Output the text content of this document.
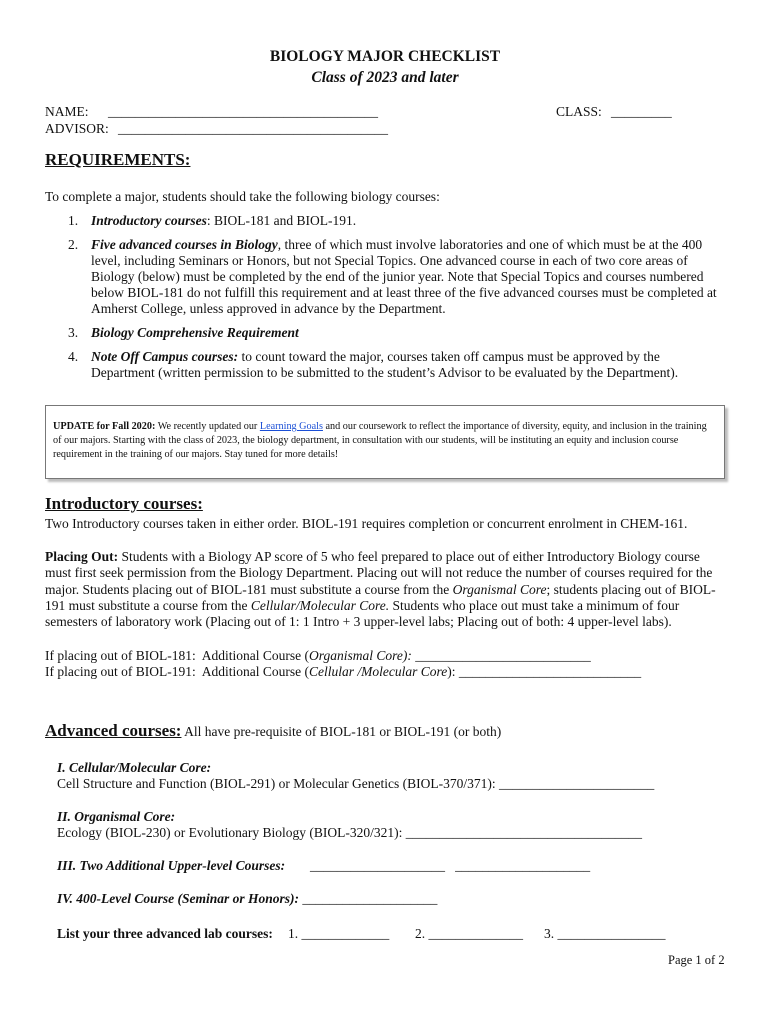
BIOLOGY MAJOR CHECKLIST
Class of 2023 and later
NAME: ________________________________________	CLASS: _________
ADVISOR: ________________________________________
REQUIREMENTS:
To complete a major, students should take the following biology courses:
1. Introductory courses: BIOL-181 and BIOL-191.
2. Five advanced courses in Biology, three of which must involve laboratories and one of which must be at the 400 level, including Seminars or Honors, but not Special Topics. One advanced course in each of two core areas of Biology (below) must be completed by the end of the junior year. Note that Special Topics and courses numbered below BIOL-181 do not fulfill this requirement and at least three of the five advanced courses must be completed at Amherst College, unless approved in advance by the Department.
3. Biology Comprehensive Requirement
4. Note Off Campus courses: to count toward the major, courses taken off campus must be approved by the Department (written permission to be submitted to the student’s Advisor to be evaluated by the Department).
UPDATE for Fall 2020: We recently updated our Learning Goals and our coursework to reflect the importance of diversity, equity, and inclusion in the training of our majors. Starting with the class of 2023, the biology department, in consultation with our students, will be instituting an equity and inclusion course requirement in the training of our majors. Stay tuned for more details!
Introductory courses:
Two Introductory courses taken in either order. BIOL-191 requires completion or concurrent enrolment in CHEM-161.
Placing Out: Students with a Biology AP score of 5 who feel prepared to place out of either Introductory Biology course must first seek permission from the Biology Department. Placing out will not reduce the number of courses required for the major. Students placing out of BIOL-181 must substitute a course from the Organismal Core; students placing out of BIOL-191 must substitute a course from the Cellular/Molecular Core. Students who place out must take a minimum of four semesters of laboratory work (Placing out of 1: 1 Intro + 3 upper-level labs; Placing out of both: 4 upper-level labs).
If placing out of BIOL-181:  Additional Course (Organismal Core): __________________________
If placing out of BIOL-191:  Additional Course (Cellular /Molecular Core): ___________________________
Advanced courses: All have pre-requisite of BIOL-181 or BIOL-191 (or both)
I. Cellular/Molecular Core:
Cell Structure and Function (BIOL-291) or Molecular Genetics (BIOL-370/371): _______________________
II. Organismal Core:
Ecology (BIOL-230) or Evolutionary Biology (BIOL-320/321): ___________________________________
III. Two Additional Upper-level Courses: ____________________   ____________________
IV. 400-Level Course (Seminar or Honors): ____________________
List your three advanced lab courses: 1. _____________ 2. ______________ 3. ________________
Page 1 of 2
